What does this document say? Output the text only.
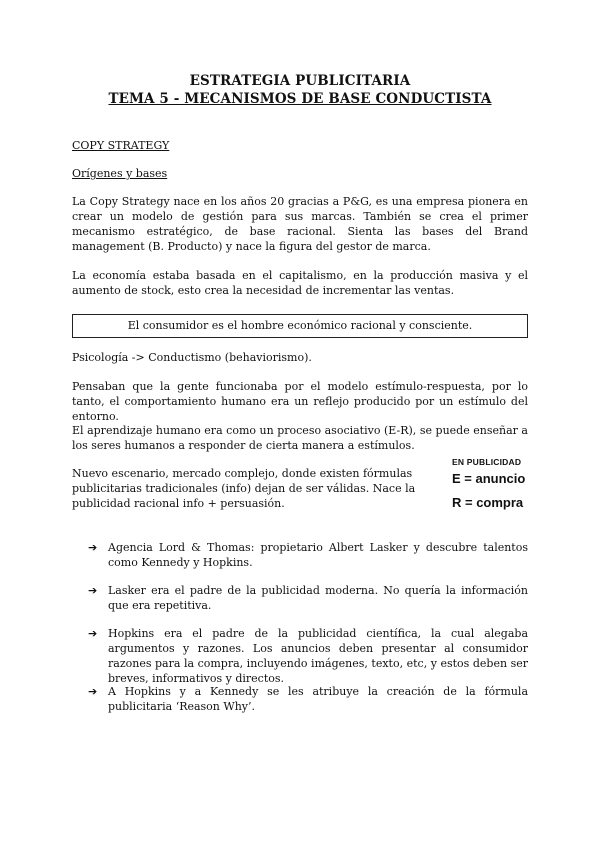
ESTRATEGIA PUBLICITARIA
TEMA 5 - MECANISMOS DE BASE CONDUCTISTA
COPY STRATEGY
Orígenes y bases
La Copy Strategy nace en los años 20 gracias a P&G, es una empresa pionera en crear un modelo de gestión para sus marcas. También se crea el primer mecanismo estratégico, de base racional. Sienta las bases del Brand management (B. Producto) y nace la figura del gestor de marca.
La economía estaba basada en el capitalismo, en la producción masiva y el aumento de stock, esto crea la necesidad de incrementar las ventas.
El consumidor es el hombre económico racional y consciente.
Psicología -> Conductismo (behaviorismo).
Pensaban que la gente funcionaba por el modelo estímulo-respuesta, por lo tanto, el comportamiento humano era un reflejo producido por un estímulo del entorno.
El aprendizaje humano era como un proceso asociativo (E-R), se puede enseñar a los seres humanos a responder de cierta manera a estímulos.
Nuevo escenario, mercado complejo, donde existen fórmulas publicitarias tradicionales (info) dejan de ser válidas. Nace la publicidad racional info + persuasión.
EN PUBLICIDAD
E = anuncio
R = compra
➔ Agencia Lord & Thomas: propietario Albert Lasker y descubre talentos como Kennedy y Hopkins.
➔ Lasker era el padre de la publicidad moderna. No quería la información que era repetitiva.
➔ Hopkins era el padre de la publicidad científica, la cual alegaba argumentos y razones. Los anuncios deben presentar al consumidor razones para la compra, incluyendo imágenes, texto, etc, y estos deben ser breves, informativos y directos.
➔ A Hopkins y a Kennedy se les atribuye la creación de la fórmula publicitaria ‘Reason Why’.
